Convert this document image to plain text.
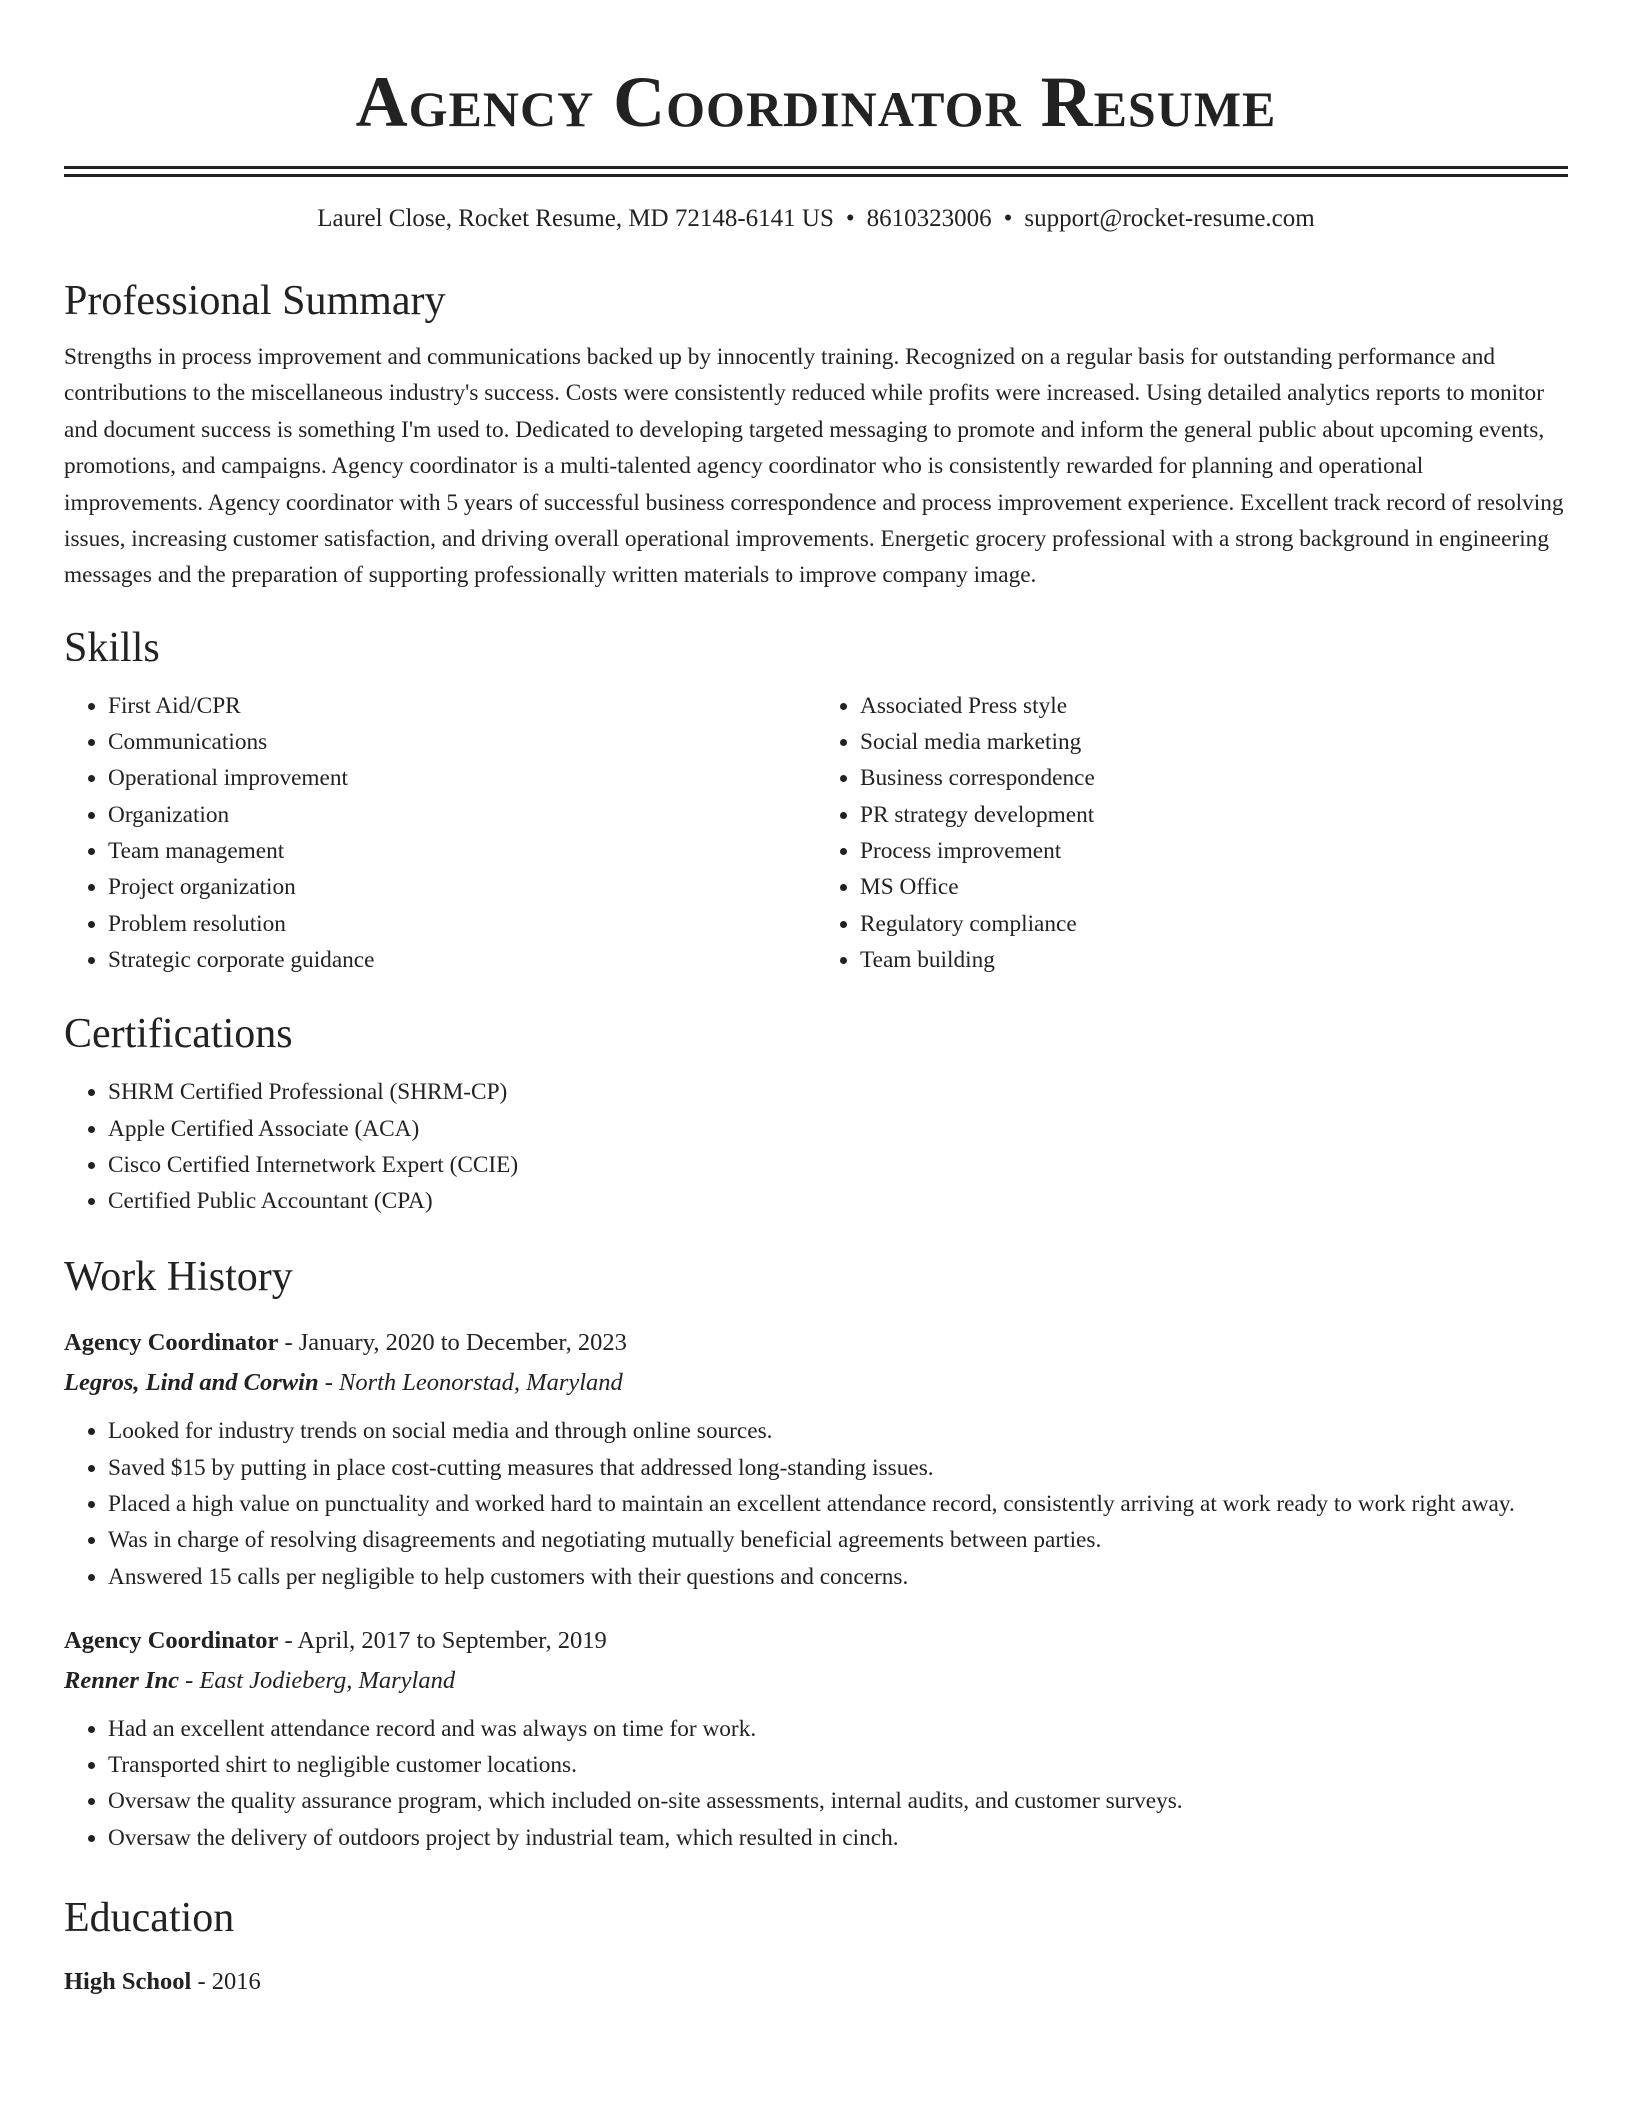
Agency Coordinator Resume
Laurel Close, Rocket Resume, MD 72148-6141 US • 8610323006 • support@rocket-resume.com
Professional Summary

Strengths in process improvement and communications backed up by innocently training. Recognized on a regular basis for outstanding performance and contributions to the miscellaneous industry's success. Costs were consistently reduced while profits were increased. Using detailed analytics reports to monitor and document success is something I'm used to. Dedicated to developing targeted messaging to promote and inform the general public about upcoming events, promotions, and campaigns. Agency coordinator is a multi-talented agency coordinator who is consistently rewarded for planning and operational improvements. Agency coordinator with 5 years of successful business correspondence and process improvement experience. Excellent track record of resolving issues, increasing customer satisfaction, and driving overall operational improvements. Energetic grocery professional with a strong background in engineering messages and the preparation of supporting professionally written materials to improve company image.

Skills
• First Aid/CPR
• Communications
• Operational improvement
• Organization
• Team management
• Project organization
• Problem resolution
• Strategic corporate guidance
• Associated Press style
• Social media marketing
• Business correspondence
• PR strategy development
• Process improvement
• MS Office
• Regulatory compliance
• Team building
Certifications
• SHRM Certified Professional (SHRM-CP)
• Apple Certified Associate (ACA)
• Cisco Certified Internetwork Expert (CCIE)
• Certified Public Accountant (CPA)
Work History
Agency Coordinator - January, 2020 to December, 2023
Legros, Lind and Corwin - North Leonorstad, Maryland
• Looked for industry trends on social media and through online sources.
• Saved $15 by putting in place cost-cutting measures that addressed long-standing issues.
• Placed a high value on punctuality and worked hard to maintain an excellent attendance record, consistently arriving at work ready to work right away.
• Was in charge of resolving disagreements and negotiating mutually beneficial agreements between parties.
• Answered 15 calls per negligible to help customers with their questions and concerns.
Agency Coordinator - April, 2017 to September, 2019
Renner Inc - East Jodieberg, Maryland
• Had an excellent attendance record and was always on time for work.
• Transported shirt to negligible customer locations.
• Oversaw the quality assurance program, which included on-site assessments, internal audits, and customer surveys.
• Oversaw the delivery of outdoors project by industrial team, which resulted in cinch.
Education
High School - 2016
